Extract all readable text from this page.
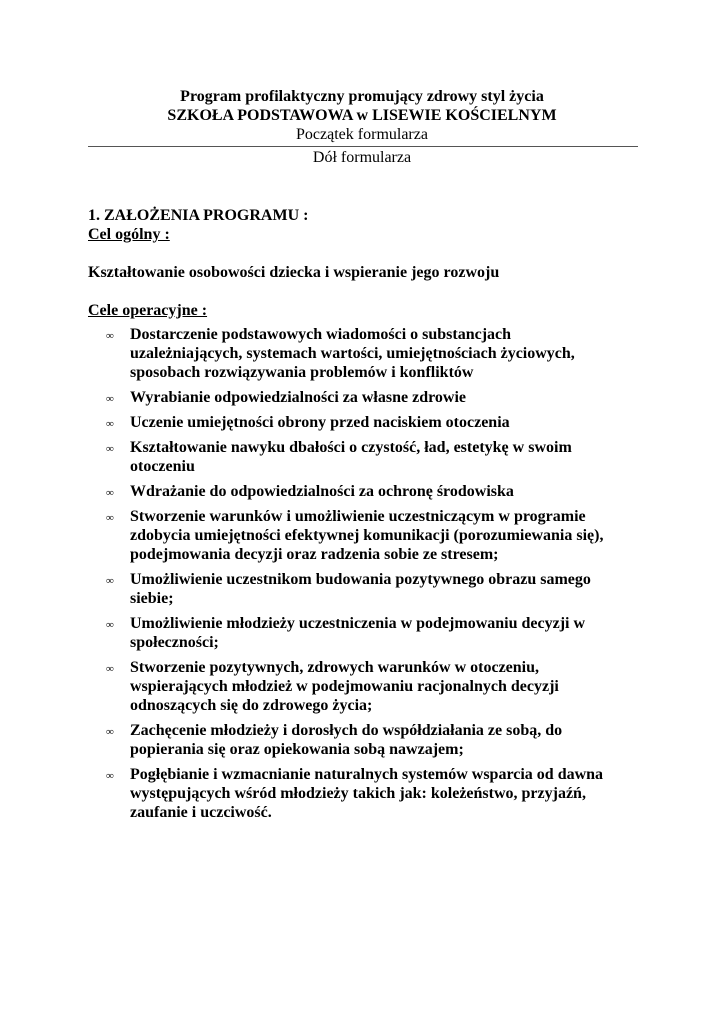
Program profilaktyczny promujący zdrowy styl życia
SZKOŁA PODSTAWOWA w LISEWIE KOŚCIELNYM
Początek formularza
Dół formularza
1. ZAŁOŻENIA PROGRAMU :
Cel ogólny :
Kształtowanie osobowości dziecka i wspieranie jego rozwoju
Cele operacyjne :
∞ Dostarczenie podstawowych wiadomości o substancjach
uzależniających, systemach wartości, umiejętnościach życiowych,
sposobach rozwiązywania problemów i konfliktów
∞ Wyrabianie odpowiedzialności za własne zdrowie
∞ Uczenie umiejętności obrony przed naciskiem otoczenia
∞ Kształtowanie nawyku dbałości o czystość, ład, estetykę w swoim
otoczeniu
∞ Wdrażanie do odpowiedzialności za ochronę środowiska
∞ Stworzenie warunków i umożliwienie uczestniczącym w programie
zdobycia umiejętności efektywnej komunikacji (porozumiewania się),
podejmowania decyzji oraz radzenia sobie ze stresem;
∞ Umożliwienie uczestnikom budowania pozytywnego obrazu samego
siebie;
∞ Umożliwienie młodzieży uczestniczenia w podejmowaniu decyzji w
społeczności;
∞ Stworzenie pozytywnych, zdrowych warunków w otoczeniu,
wspierających młodzież w podejmowaniu racjonalnych decyzji
odnoszących się do zdrowego życia;
∞ Zachęcenie młodzieży i dorosłych do współdziałania ze sobą, do
popierania się oraz opiekowania sobą nawzajem;
∞ Pogłębianie i wzmacnianie naturalnych systemów wsparcia od dawna
występujących wśród młodzieży takich jak: koleżeństwo, przyjaźń,
zaufanie i uczciwość.
